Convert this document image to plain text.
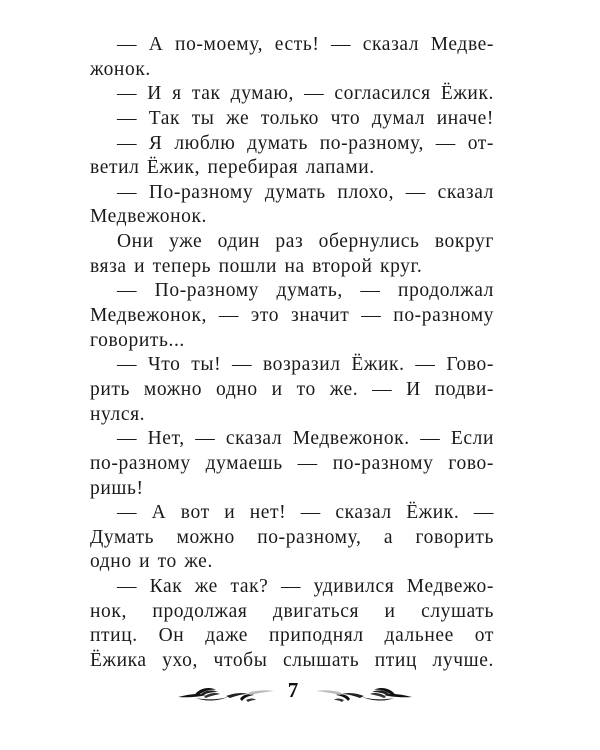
— А по-моему, есть! — сказал Медве-
жонок.
— И я так думаю, — согласился Ёжик.
— Так ты же только что думал иначе!
— Я люблю думать по-разному, — от-
ветил Ёжик, перебирая лапами.
— По-разному думать плохо, — сказал
Медвежонок.
Они уже один раз обернулись вокруг
вяза и теперь пошли на второй круг.
— По-разному думать, — продолжал
Медвежонок, — это значит — по-разному
говорить...
— Что ты! — возразил Ёжик. — Гово-
рить можно одно и то же. — И подви-
нулся.
— Нет, — сказал Медвежонок. — Если
по-разному думаешь — по-разному гово-
ришь!
— А вот и нет! — сказал Ёжик. —
Думать можно по-разному, а говорить
одно и то же.
— Как же так? — удивился Медвежо-
нок, продолжая двигаться и слушать
птиц. Он даже приподнял дальнее от
Ёжика ухо, чтобы слышать птиц лучше.
7
